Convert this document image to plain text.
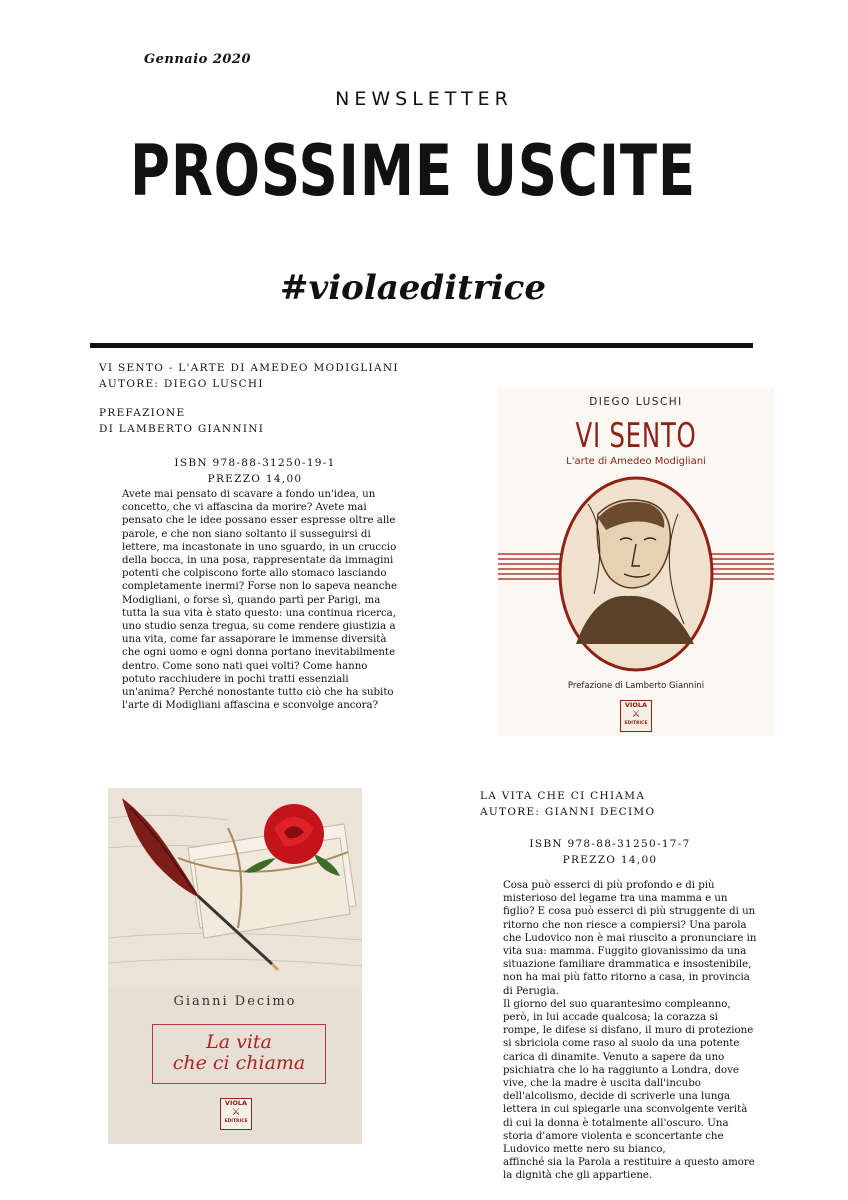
Gennaio 2020
NEWSLETTER
PROSSIME USCITE
#violaeditrice
VI SENTO - L'ARTE DI AMEDEO MODIGLIANI
AUTORE: DIEGO LUSCHI
PREFAZIONE
DI LAMBERTO GIANNINI
ISBN 978-88-31250-19-1
PREZZO 14,00
Avete mai pensato di scavare a fondo un'idea, un concetto, che vi affascina da morire? Avete mai pensato che le idee possano esser espresse oltre alle parole, e che non siano soltanto il susseguirsi di lettere, ma incastonate in uno sguardo, in un cruccio della bocca, in una posa, rappresentate da immagini potenti che colpiscono forte allo stomaco lasciando completamente inermi? Forse non lo sapeva neanche Modigliani, o forse sì, quando partì per Parigi, ma tutta la sua vita è stato questo: una continua ricerca, uno studio senza tregua, su come rendere giustizia a una vita, come far assaporare le immense diversità che ogni uomo e ogni donna portano inevitabilmente dentro. Come sono nati quei volti? Come hanno potuto racchiudere in pochi tratti essenziali un'anima? Perché nonostante tutto ciò che ha subito l'arte di Modigliani affascina e sconvolge ancora?
DIEGO LUSCHI
VI SENTO
L'arte di Amedeo Modigliani
Prefazione di Lamberto Giannini
VIOLA
⚔
EDITRICE
Gianni Decimo
La vita
che ci chiama
VIOLA
⚔
EDITRICE
LA VITA CHE CI CHIAMA
AUTORE: GIANNI DECIMO
ISBN 978-88-31250-17-7
PREZZO 14,00
Cosa può esserci di più profondo e di più misterioso del legame tra una mamma e un figlio? E cosa può esserci di più struggente di un ritorno che non riesce a compiersi? Una parola che Ludovico non è mai riuscito a pronunciare in vita sua: mamma. Fuggito giovanissimo da una situazione familiare drammatica e insostenibile, non ha mai più fatto ritorno a casa, in provincia di Perugia.
Il giorno del suo quarantesimo compleanno, però, in lui accade qualcosa; la corazza si rompe, le difese si disfano, il muro di protezione si sbriciola come raso al suolo da una potente carica di dinamite. Venuto a sapere da uno psichiatra che lo ha raggiunto a Londra, dove vive, che la madre è uscita dall'incubo dell'alcolismo, decide di scriverle una lunga lettera in cui spiegarle una sconvolgente verità di cui la donna è totalmente all'oscuro. Una storia d'amore violenta e sconcertante che Ludovico mette nero su bianco,
affinché sia la Parola a restituire a questo amore la dignità che gli appartiene.
